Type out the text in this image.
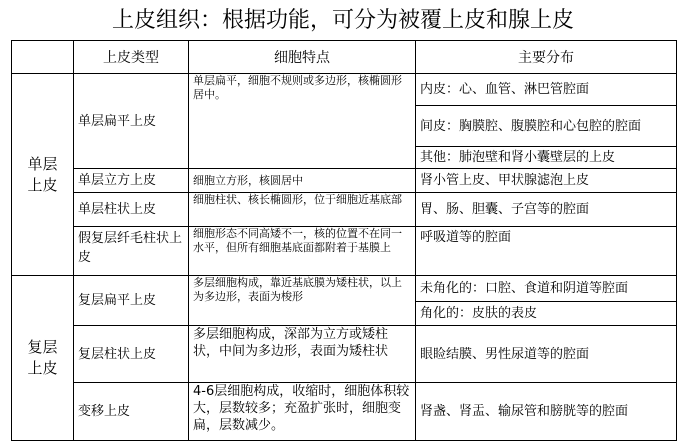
上皮组织：根据功能，可分为被覆上皮和腺上皮
	上皮类型	细胞特点	主要分布
单层
上皮	单层扁平上皮	单层扁平，细胞不规则或多边形，核椭圆形居中。	内皮：心、血管、淋巴管腔面
			间皮：胸膜腔、腹膜腔和心包腔的腔面
			其他：肺泡壁和肾小囊壁层的上皮
	单层立方上皮	细胞立方形，核圆居中	肾小管上皮、甲状腺滤泡上皮
	单层柱状上皮	细胞柱状、核长椭圆形，位于细胞近基底部	胃、肠、胆囊、子宫等的腔面
	假复层纤毛柱状上皮	细胞形态不同高矮不一，核的位置不在同一水平，但所有细胞基底面都附着于基膜上	呼吸道等的腔面
复层
上皮	复层扁平上皮	多层细胞构成，靠近基底膜为矮柱状，以上为多边形，表面为梭形	未角化的：口腔、食道和阴道等腔面
			角化的：皮肤的表皮
	复层柱状上皮	多层细胞构成，深部为立方或矮柱状，中间为多边形，表面为矮柱状	眼睑结膜、男性尿道等的腔面
	变移上皮	4-6层细胞构成，收缩时，细胞体积较大，层数较多；充盈扩张时，细胞变扁，层数减少。	肾盏、肾盂、输尿管和膀胱等的腔面
